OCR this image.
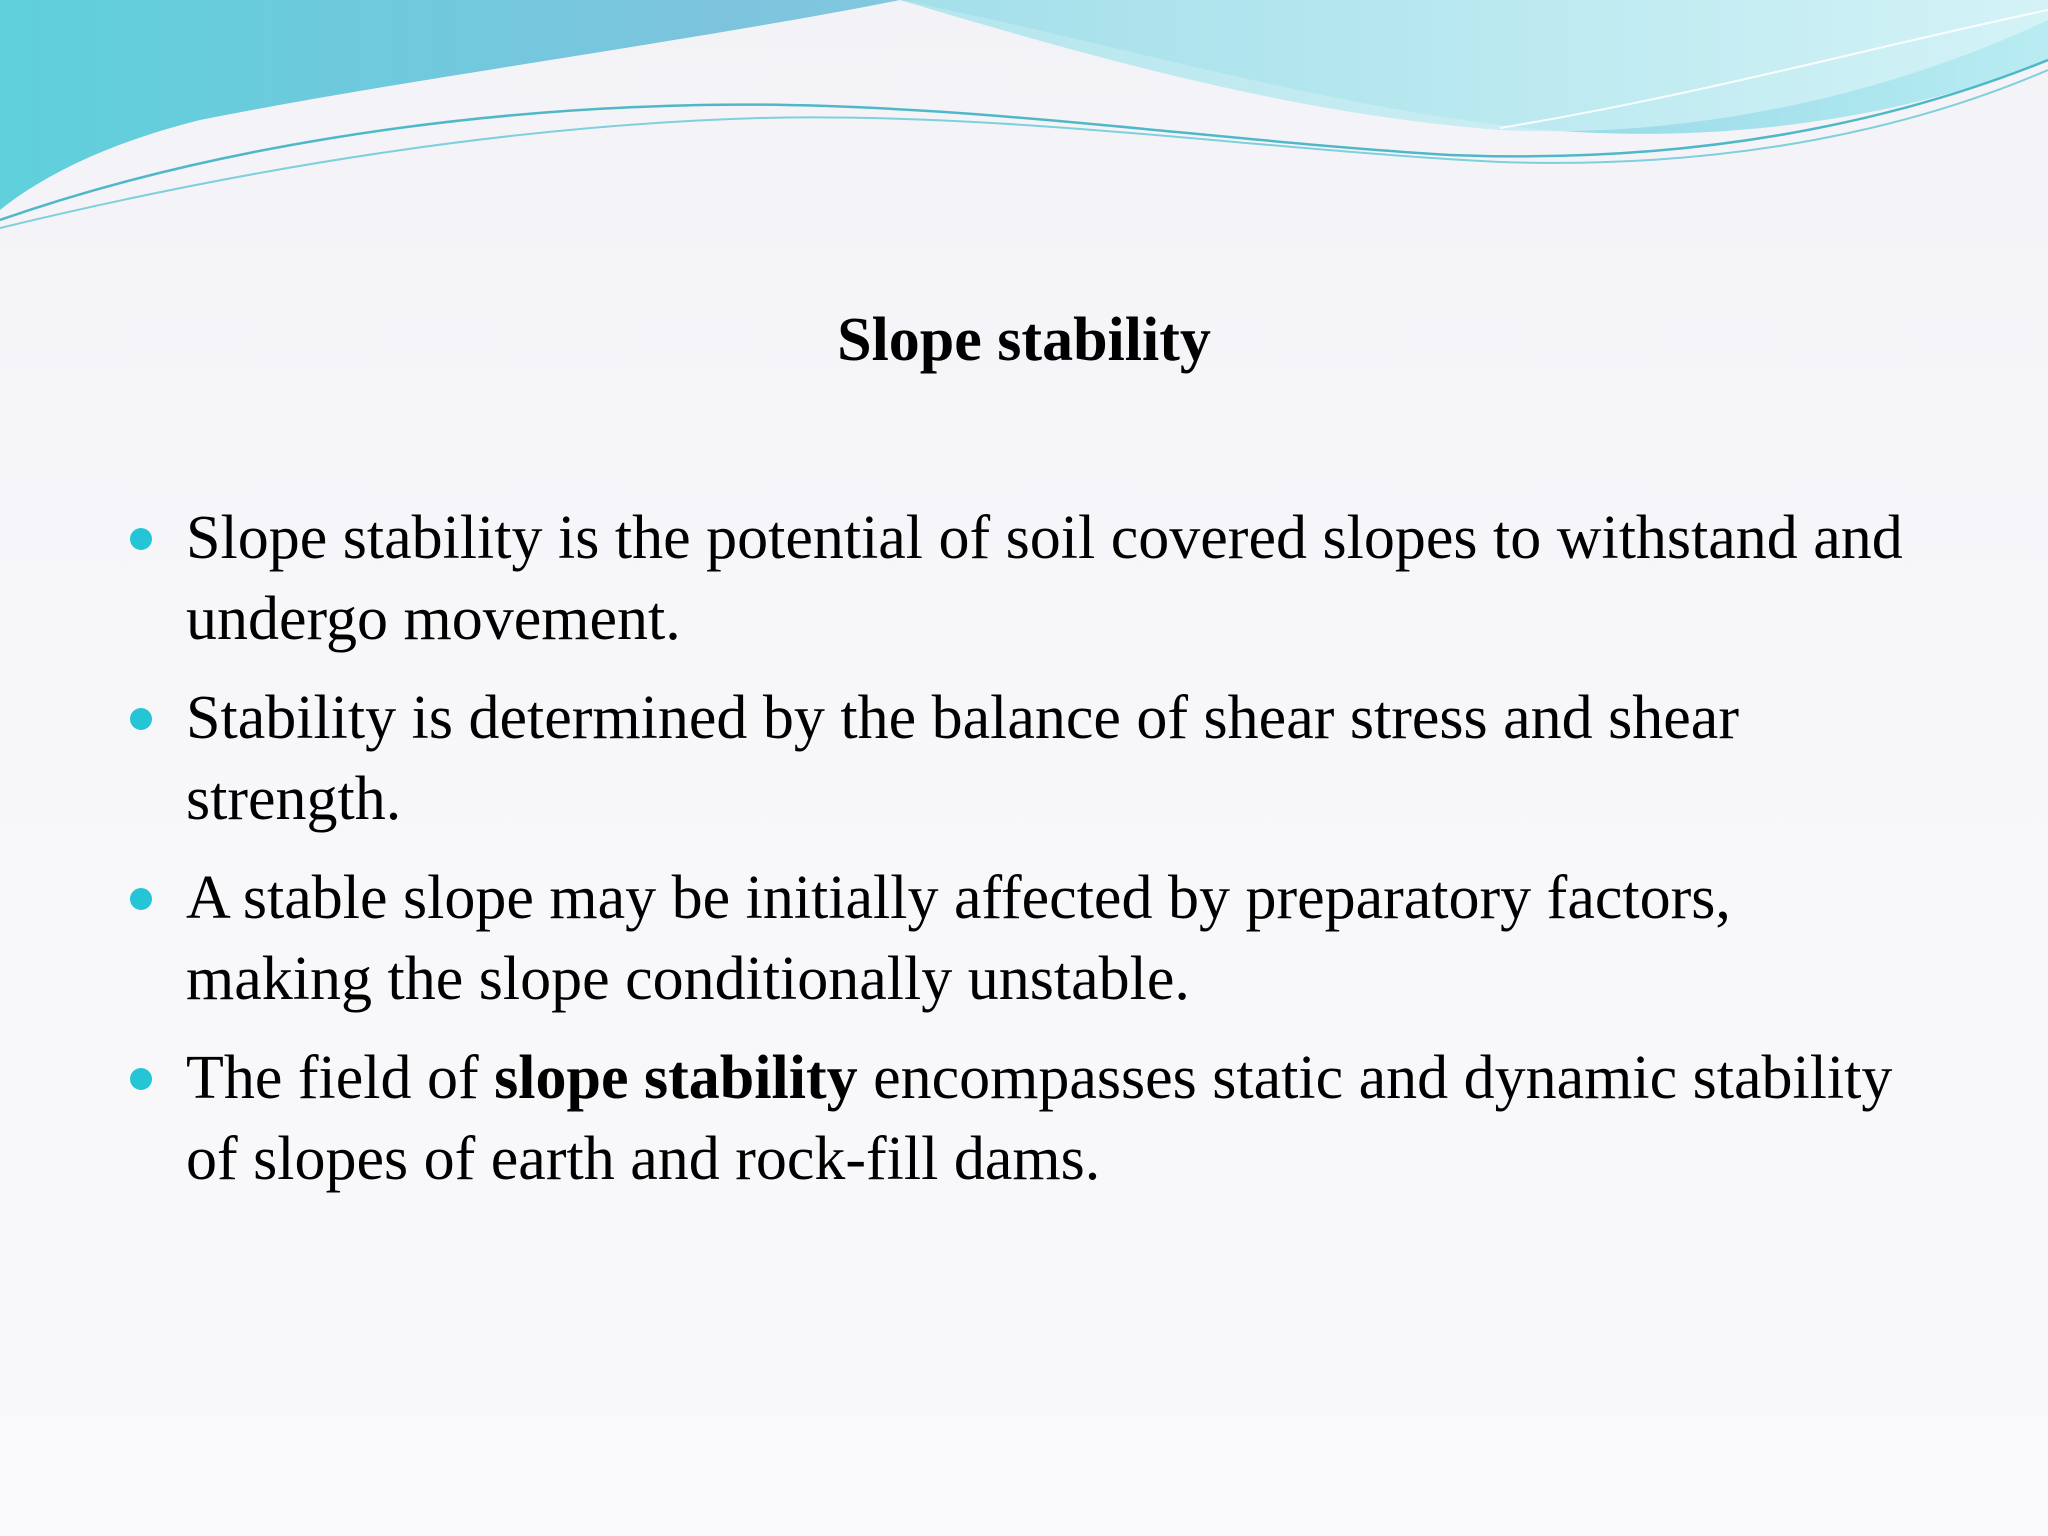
Slope stability
Slope stability is the potential of soil covered slopes to withstand and undergo movement.
Stability is determined by the balance of shear stress and shear strength.
A stable slope may be initially affected by preparatory factors, making the slope conditionally unstable.
The field of slope stability encompasses static and dynamic stability of slopes of earth and rock-fill dams.
